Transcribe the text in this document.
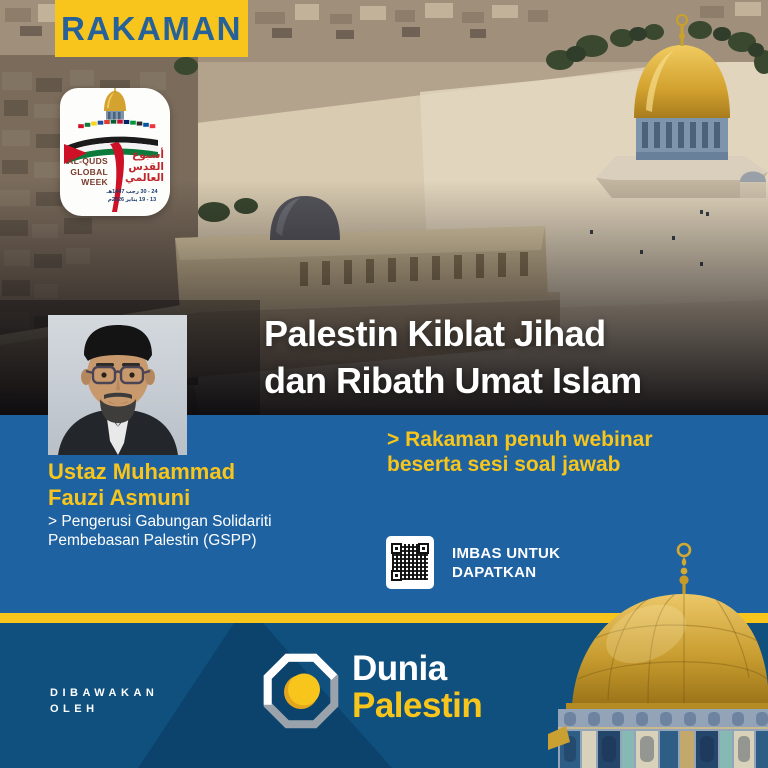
RAKAMAN
AL-QUDS
GLOBAL
WEEK
أسبوع
القدس
العالمي
24 - 30 رجب 1447هـ
13 - 19 يناير 2026م
Palestin Kiblat Jihad
dan Ribath Umat Islam
Ustaz Muhammad
Fauzi Asmuni
> Pengerusi Gabungan Solidariti
Pembebasan Palestin (GSPP)
> Rakaman penuh webinar
beserta sesi soal jawab
IMBAS UNTUK
DAPATKAN
DIBAWAKAN
OLEH
Dunia
Palestin
